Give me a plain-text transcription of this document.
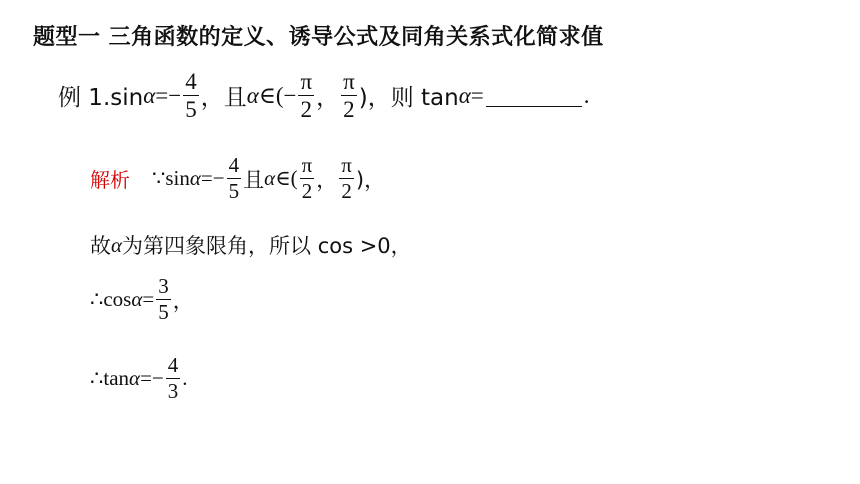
题型一 三角函数的定义、诱导公式及同角关系式化简求值
例 1.sin $\alpha =- \frac{4}{5}$ ，且 α ∈(− $\frac{\pi}{2}$ ， $\frac{\pi}{2}$ )，则 tan α =	.
解析 ∵sin $\alpha =- \frac{4}{5}$ 且 α ∈( $\frac{\pi}{2}$ ， $\frac{\pi}{2}$ )，
故 α 为第四象限角，所以 cos >0，
∴cos $\alpha = \frac{3}{5}$ ，
∴tan $\alpha =- \frac{4}{3}$ .
